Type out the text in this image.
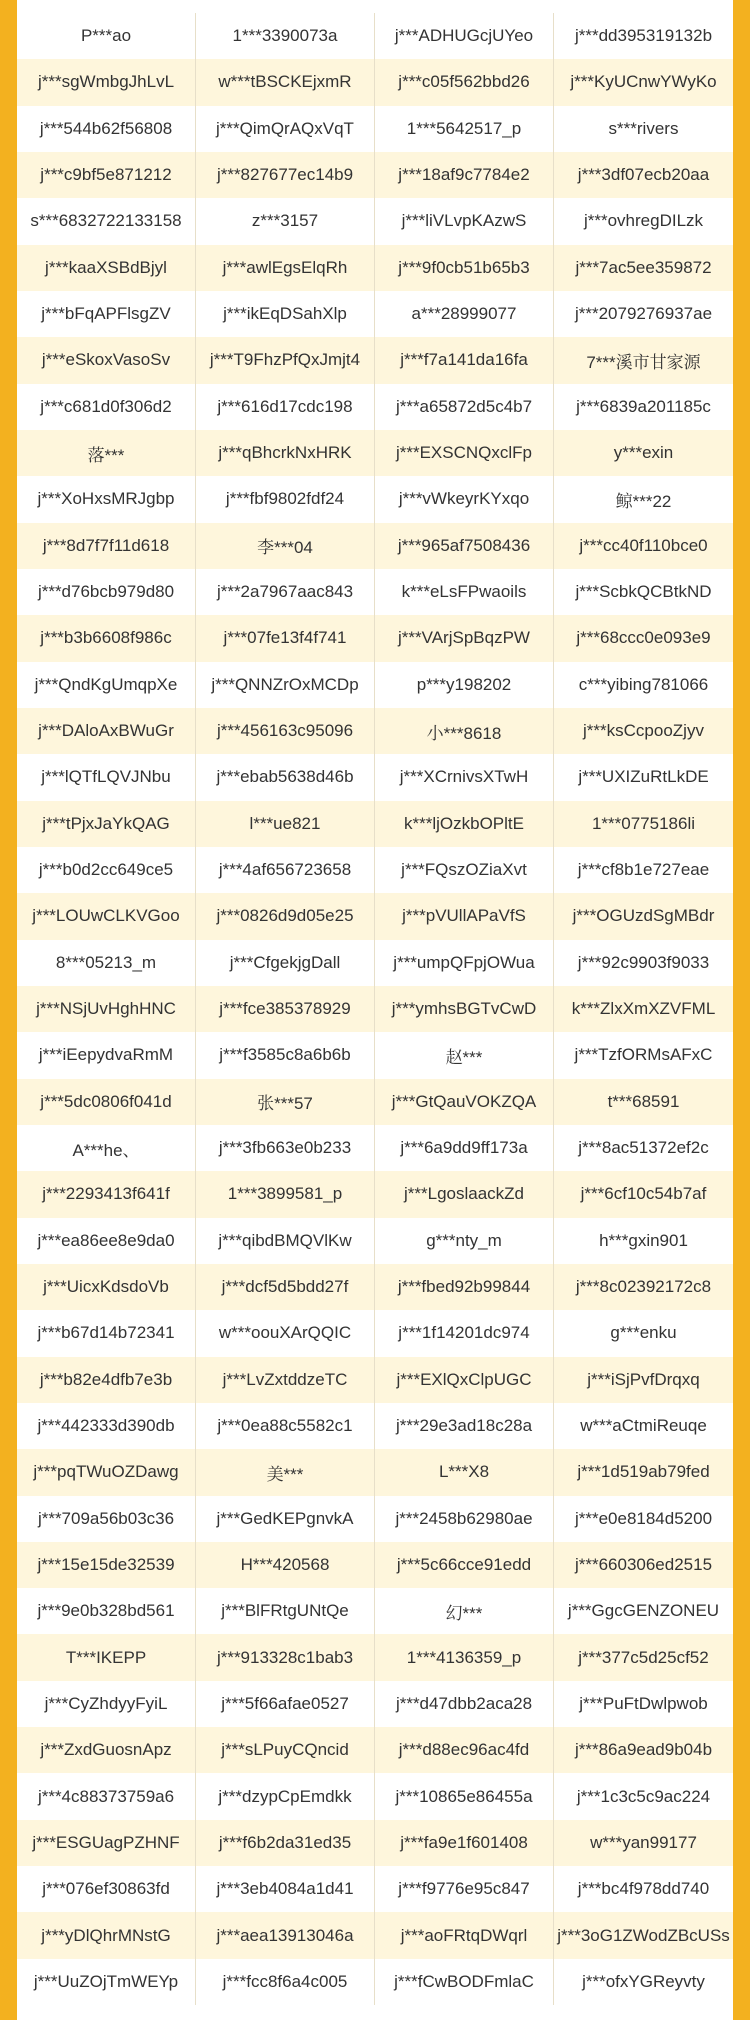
P***ao	1***3390073a	j***ADHUGcjUYeo	j***dd395319132b
j***sgWmbgJhLvL	w***tBSCKEjxmR	j***c05f562bbd26	j***KyUCnwYWyKo
j***544b62f56808	j***QimQrAQxVqT	1***5642517_p	s***rivers
j***c9bf5e871212	j***827677ec14b9	j***18af9c7784e2	j***3df07ecb20aa
s***6832722133158	z***3157	j***liVLvpKAzwS	j***ovhregDILzk
j***kaaXSBdBjyl	j***awlEgsElqRh	j***9f0cb51b65b3	j***7ac5ee359872
j***bFqAPFlsgZV	j***ikEqDSahXlp	a***28999077	j***2079276937ae
j***eSkoxVasoSv	j***T9FhzPfQxJmjt4	j***f7a141da16fa	7***溪市甘家源
j***c681d0f306d2	j***616d17cdc198	j***a65872d5c4b7	j***6839a201185c
落***	j***qBhcrkNxHRK	j***EXSCNQxclFp	y***exin
j***XoHxsMRJgbp	j***fbf9802fdf24	j***vWkeyrKYxqo	鲸***22
j***8d7f7f11d618	李***04	j***965af7508436	j***cc40f110bce0
j***d76bcb979d80	j***2a7967aac843	k***eLsFPwaoils	j***ScbkQCBtkND
j***b3b6608f986c	j***07fe13f4f741	j***VArjSpBqzPW	j***68ccc0e093e9
j***QndKgUmqpXe	j***QNNZrOxMCDp	p***y198202	c***yibing781066
j***DAloAxBWuGr	j***456163c95096	小***8618	j***ksCcpooZjyv
j***lQTfLQVJNbu	j***ebab5638d46b	j***XCrnivsXTwH	j***UXIZuRtLkDE
j***tPjxJaYkQAG	l***ue821	k***ljOzkbOPltE	1***0775186li
j***b0d2cc649ce5	j***4af656723658	j***FQszOZiaXvt	j***cf8b1e727eae
j***LOUwCLKVGoo	j***0826d9d05e25	j***pVUllAPaVfS	j***OGUzdSgMBdr
8***05213_m	j***CfgekjgDall	j***umpQFpjOWua	j***92c9903f9033
j***NSjUvHghHNC	j***fce385378929	j***ymhsBGTvCwD	k***ZlxXmXZVFML
j***iEepydvaRmM	j***f3585c8a6b6b	赵***	j***TzfORMsAFxC
j***5dc0806f041d	张***57	j***GtQauVOKZQA	t***68591
A***he、	j***3fb663e0b233	j***6a9dd9ff173a	j***8ac51372ef2c
j***2293413f641f	1***3899581_p	j***LgoslaackZd	j***6cf10c54b7af
j***ea86ee8e9da0	j***qibdBMQVlKw	g***nty_m	h***gxin901
j***UicxKdsdoVb	j***dcf5d5bdd27f	j***fbed92b99844	j***8c02392172c8
j***b67d14b72341	w***oouXArQQIC	j***1f14201dc974	g***enku
j***b82e4dfb7e3b	j***LvZxtddzeTC	j***EXlQxClpUGC	j***iSjPvfDrqxq
j***442333d390db	j***0ea88c5582c1	j***29e3ad18c28a	w***aCtmiReuqe
j***pqTWuOZDawg	美***	L***X8	j***1d519ab79fed
j***709a56b03c36	j***GedKEPgnvkA	j***2458b62980ae	j***e0e8184d5200
j***15e15de32539	H***420568	j***5c66cce91edd	j***660306ed2515
j***9e0b328bd561	j***BlFRtgUNtQe	幻***	j***GgcGENZONEU
T***IKEPP	j***913328c1bab3	1***4136359_p	j***377c5d25cf52
j***CyZhdyyFyiL	j***5f66afae0527	j***d47dbb2aca28	j***PuFtDwlpwob
j***ZxdGuosnApz	j***sLPuyCQncid	j***d88ec96ac4fd	j***86a9ead9b04b
j***4c88373759a6	j***dzypCpEmdkk	j***10865e86455a	j***1c3c5c9ac224
j***ESGUagPZHNF	j***f6b2da31ed35	j***fa9e1f601408	w***yan99177
j***076ef30863fd	j***3eb4084a1d41	j***f9776e95c847	j***bc4f978dd740
j***yDlQhrMNstG	j***aea13913046a	j***aoFRtqDWqrl	j***3oG1ZWodZBcUSs
j***UuZOjTmWEYp	j***fcc8f6a4c005	j***fCwBODFmlaC	j***ofxYGReyvty
